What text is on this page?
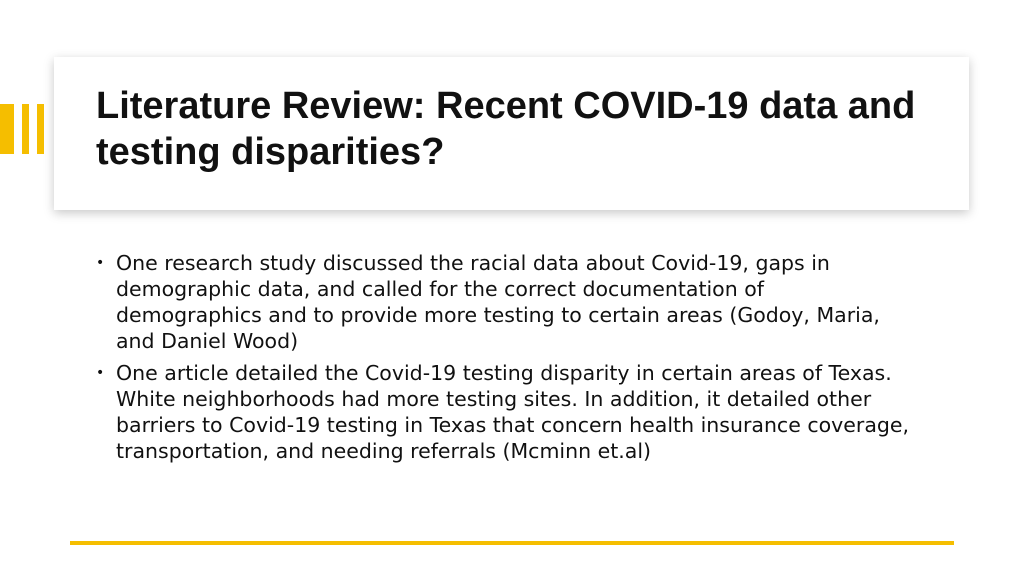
Literature Review: Recent COVID-19 data and testing disparities?
• One research study discussed the racial data about Covid-19, gaps in demographic data, and called for the correct documentation of demographics and to provide more testing to certain areas (Godoy, Maria, and Daniel Wood)
• One article detailed the Covid-19 testing disparity in certain areas of Texas. White neighborhoods had more testing sites. In addition, it detailed other barriers to Covid-19 testing in Texas that concern health insurance coverage, transportation, and needing referrals (Mcminn et.al)
